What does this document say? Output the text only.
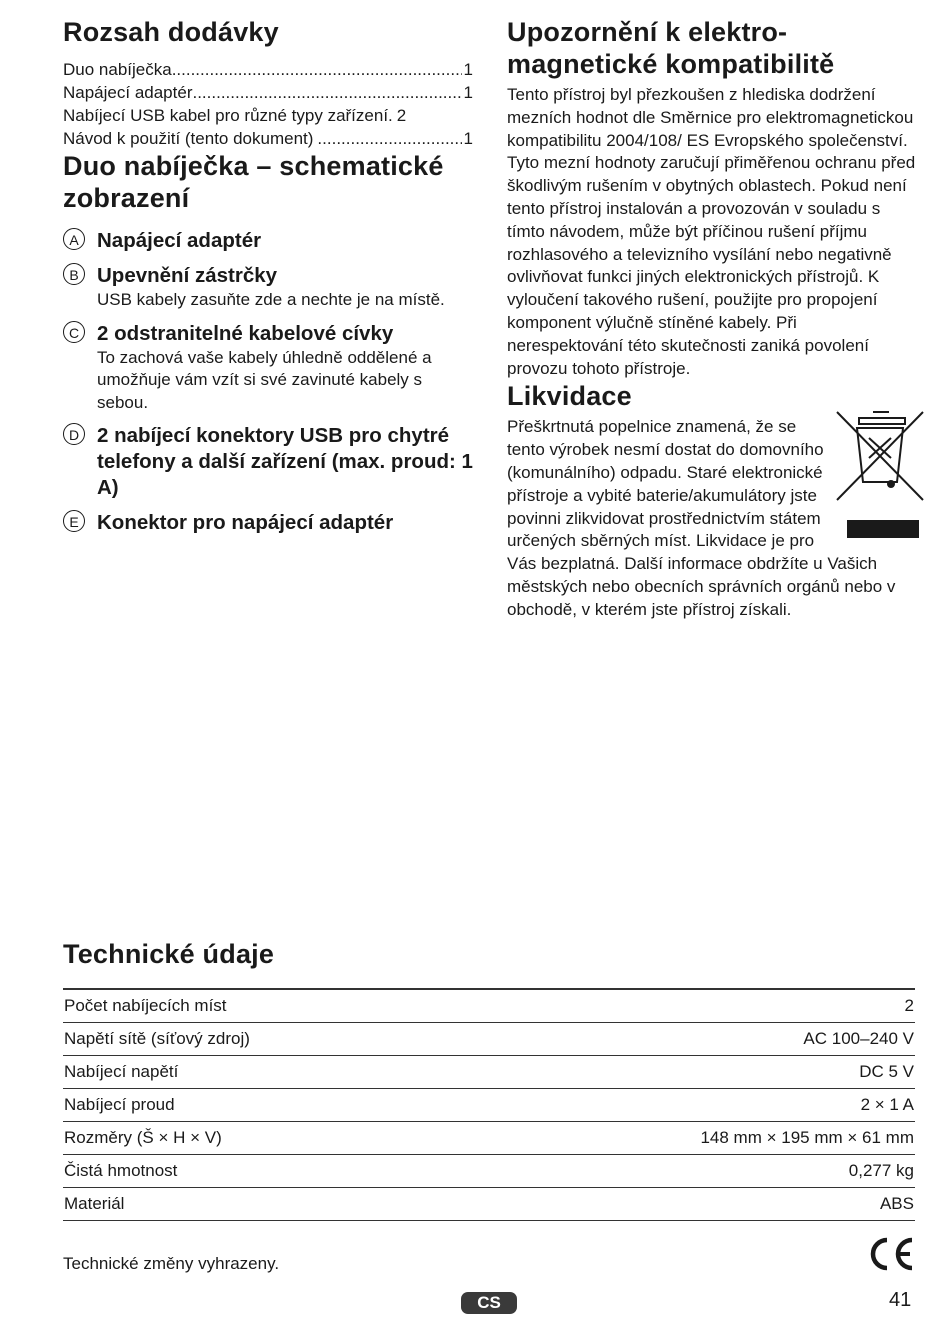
Rozsah dodávky
Duo nabíječka .....	1
Napájecí adaptér .....	1
Nabíjecí USB kabel pro různé typy zařízení. 2
Návod k použití (tento dokument) .....	1
Duo nabíječka – schematické zobrazení
A Napájecí adaptér
B Upevnění zástrčky
USB kabely zasuňte zde a nechte je na místě.
C 2 odstranitelné kabelové cívky
To zachová vaše kabely úhledně oddělené a umožňuje vám vzít si své zavinuté kabely s sebou.
D 2 nabíjecí konektory USB pro chytré telefony a další zařízení (max. proud: 1 A)
E Konektor pro napájecí adaptér
Upozornění k elektromagnetické kompatibilitě

Tento přístroj byl přezkoušen z hlediska dodržení mezních hodnot dle Směrnice pro elektromagnetickou kompatibilitu 2004/108/ ES Evropského společenství. Tyto mezní hodnoty zaručují přiměřenou ochranu před škodlivým rušením v obytných oblastech. Pokud není tento přístroj instalován a provozován v souladu s tímto návodem, může být příčinou rušení příjmu rozhlasového a televizního vysílání nebo negativně ovlivňovat funkci jiných elektronických přístrojů. K vyloučení takového rušení, použijte pro propojení komponent výlučně stíněné kabely. Při nerespektování této skutečnosti zaniká povolení provozu tohoto přístroje.

Likvidace

Přeškrtnutá popelnice znamená, že se tento výrobek nesmí dostat do domovního (komunálního) odpadu. Staré elektronické přístroje a vybité baterie/akumulátory jste povinni zlikvidovat prostřednictvím státem určených sběrných míst. Likvidace je pro Vás bezplatná. Další informace obdržíte u Vašich městských nebo obecních správních orgánů nebo v obchodě, v kterém jste přístroj získali.

Technické údaje
Počet nabíjecích míst	2
Napětí sítě (síťový zdroj)	AC 100–240 V
Nabíjecí napětí	DC 5 V
Nabíjecí proud	2 × 1 A
Rozměry (Š × H × V)	148 mm × 195 mm × 61 mm
Čistá hmotnost	0,277 kg
Materiál	ABS
Technické změny vyhrazeny.
CS	41
